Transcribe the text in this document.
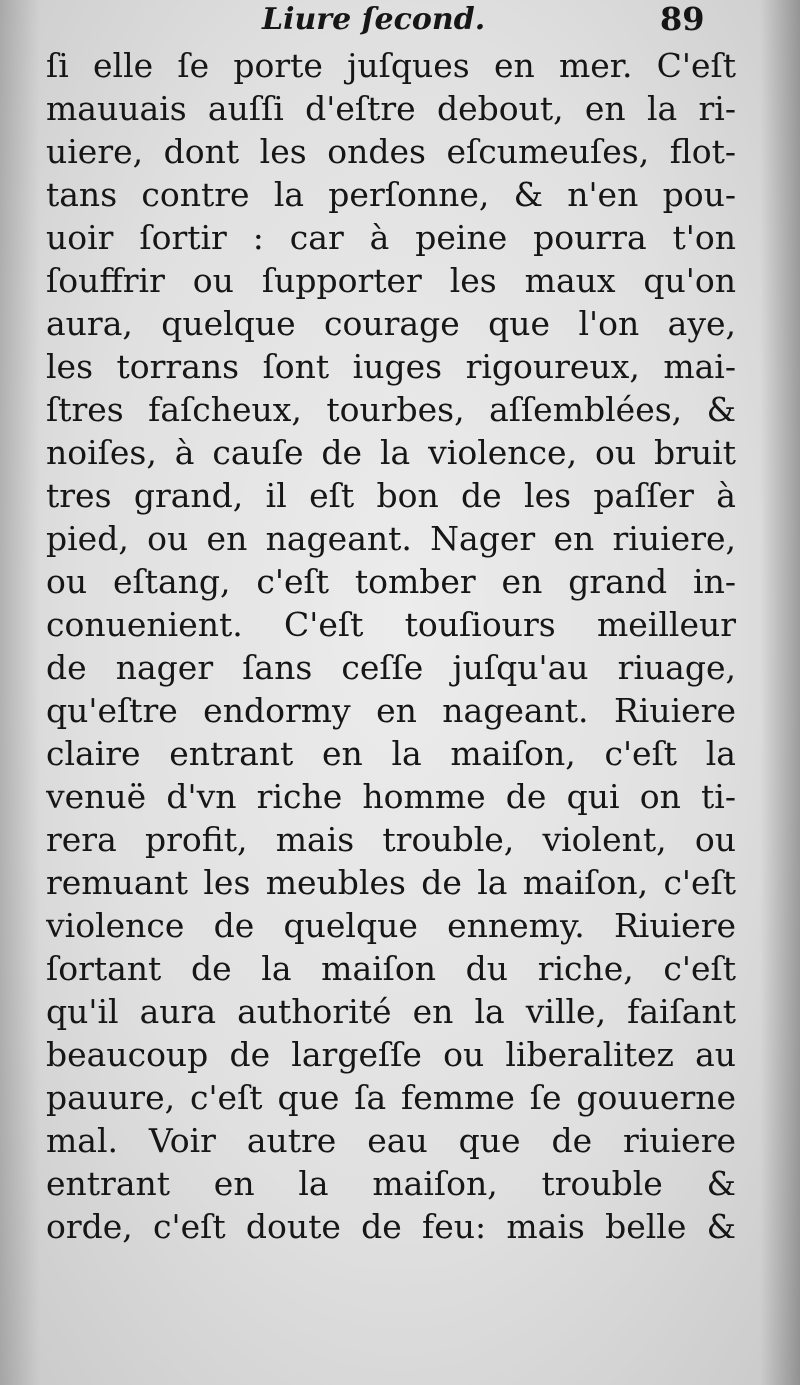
Liure ſecond.	89
ſi elle ſe porte juſques en mer. C'eſt
mauuais auſſi d'eſtre debout, en la ri-
uiere, dont les ondes eſcumeuſes, flot-
tans contre la perſonne, & n'en pou-
uoir ſortir : car à peine pourra t'on
ſouffrir ou ſupporter les maux qu'on
aura, quelque courage que l'on aye,
les torrans ſont iuges rigoureux, mai-
ſtres faſcheux, tourbes, aſſemblées, &
noiſes, à cauſe de la violence, ou bruit
tres grand, il eſt bon de les paſſer à
pied, ou en nageant. Nager en riuiere,
ou eſtang, c'eſt tomber en grand in-
conuenient. C'eſt touſiours meilleur
de nager ſans ceſſe juſqu'au riuage,
qu'eſtre endormy en nageant. Riuiere
claire entrant en la maiſon, c'eſt la
venuë d'vn riche homme de qui on ti-
rera profit, mais trouble, violent, ou
remuant les meubles de la maiſon, c'eſt
violence de quelque ennemy. Riuiere
ſortant de la maiſon du riche, c'eſt
qu'il aura authorité en la ville, faiſant
beaucoup de largeſſe ou liberalitez au
pauure, c'eſt que ſa femme ſe gouuerne
mal. Voir autre eau que de riuiere
entrant en la maiſon, trouble &
orde, c'eſt doute de feu: mais belle &
